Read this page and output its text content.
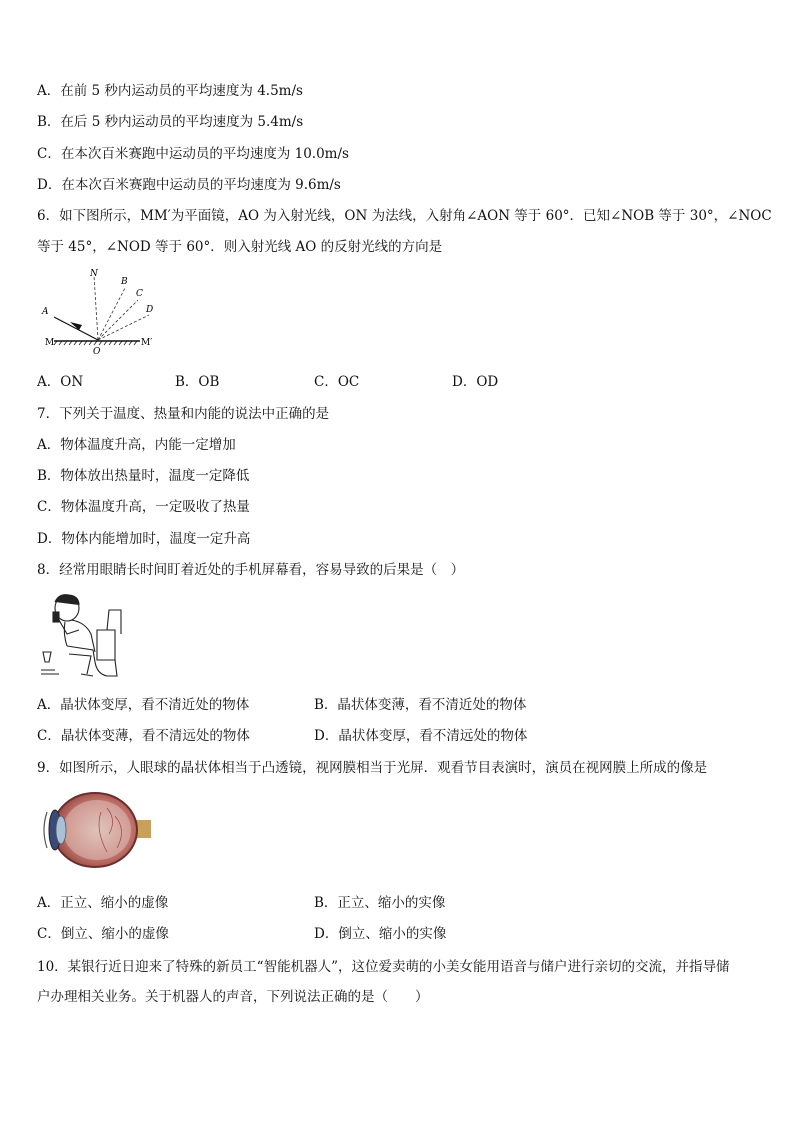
A．在前 5 秒内运动员的平均速度为 4.5m/s
B．在后 5 秒内运动员的平均速度为 5.4m/s
C．在本次百米赛跑中运动员的平均速度为 10.0m/s
D．在本次百米赛跑中运动员的平均速度为 9.6m/s
6．如下图所示，MM′为平面镜，AO 为入射光线，ON 为法线，入射角∠AON 等于 60°．已知∠NOB 等于 30°，∠NOC
等于 45°，∠NOD 等于 60°．则入射光线 AO 的反射光线的方向是
N
B
C
D
A
M
O
M′
A．ON	B．OB	C．OC	D．OD
7．下列关于温度、热量和内能的说法中正确的是
A．物体温度升高，内能一定增加
B．物体放出热量时，温度一定降低
C．物体温度升高，一定吸收了热量
D．物体内能增加时，温度一定升高
8．经常用眼睛长时间盯着近处的手机屏幕看，容易导致的后果是（　）
A．晶状体变厚，看不清近处的物体	B．晶状体变薄，看不清近处的物体
C．晶状体变薄，看不清远处的物体	D．晶状体变厚，看不清远处的物体
9．如图所示，人眼球的晶状体相当于凸透镜，视网膜相当于光屏．观看节目表演时，演员在视网膜上所成的像是
A．正立、缩小的虚像	B．正立、缩小的实像
C．倒立、缩小的虚像	D．倒立、缩小的实像
10．某银行近日迎来了特殊的新员工“智能机器人”，这位爱卖萌的小美女能用语音与储户进行亲切的交流，并指导储
户办理相关业务。关于机器人的声音，下列说法正确的是（　　）
